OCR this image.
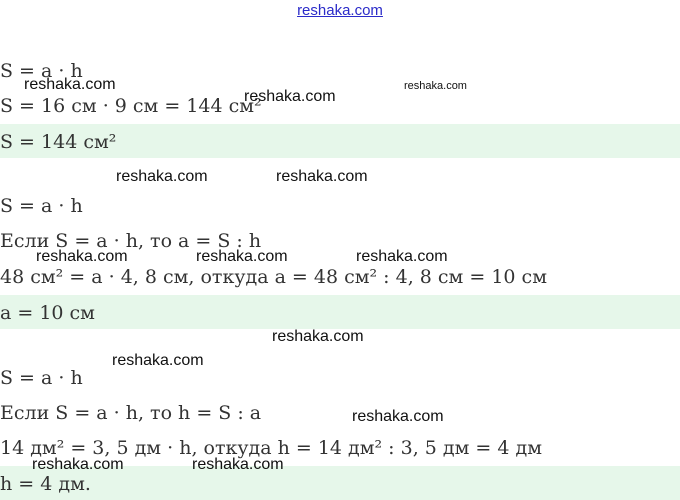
reshaka.com
S = a · h
S = 16 см · 9 см = 144 см²
S = 144 см²
S = a · h
Если S = a · h, то a = S : h
48 см² = a · 4, 8 см, откуда a = 48 см² : 4, 8 см = 10 см
a = 10 см
S = a · h
Если S = a · h, то h = S : a
14 дм² = 3, 5 дм · h, откуда h = 14 дм² : 3, 5 дм = 4 дм
h = 4 дм.
reshaka.com
reshaka.com
reshaka.com
reshaka.com	reshaka.com
reshaka.com	reshaka.com	reshaka.com
reshaka.com
reshaka.com
reshaka.com
reshaka.com	reshaka.com
